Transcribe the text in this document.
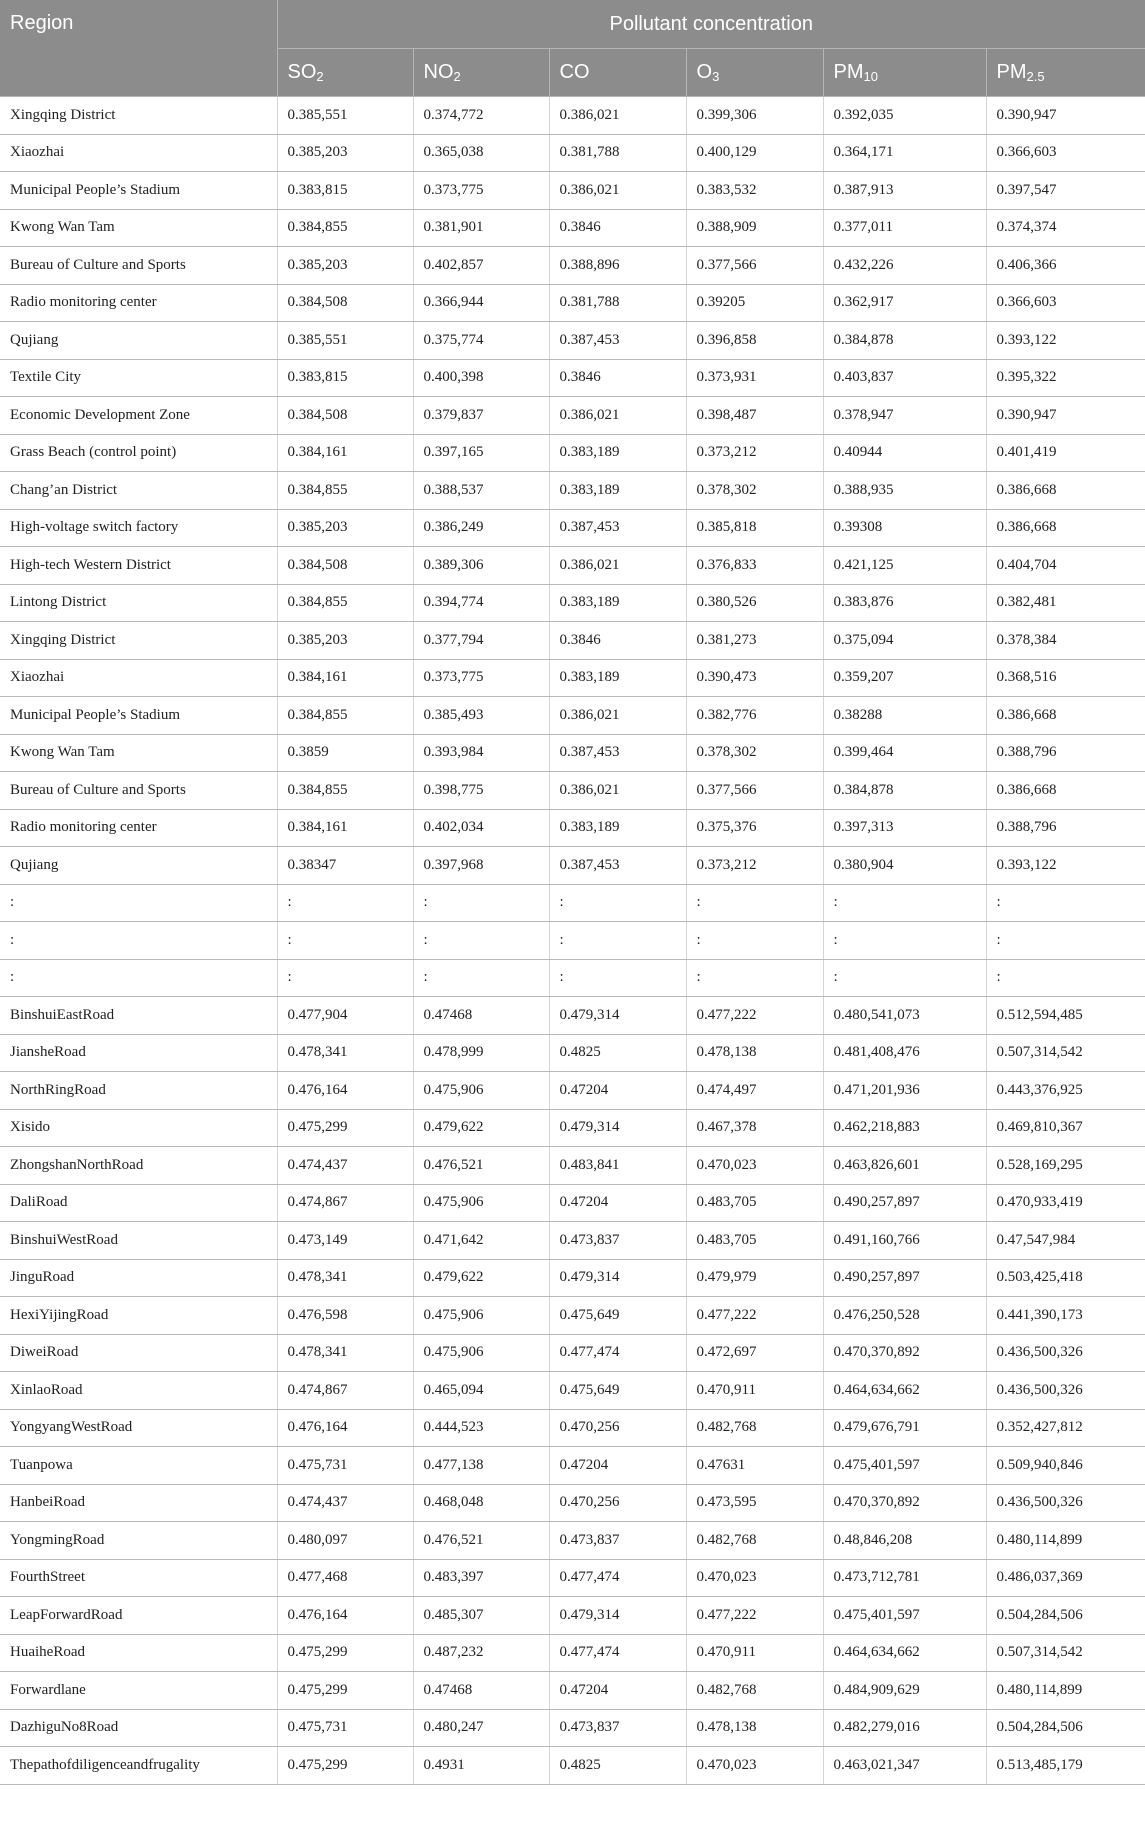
Region	Pollutant concentration					
	$SO_2$	$NO_2$	CO	$O_3$	$PM_{10}$	$PM_{2.5}$
Xingqing District	0.385,551	0.374,772	0.386,021	0.399,306	0.392,035	0.390,947
Xiaozhai	0.385,203	0.365,038	0.381,788	0.400,129	0.364,171	0.366,603
Municipal People’s Stadium	0.383,815	0.373,775	0.386,021	0.383,532	0.387,913	0.397,547
Kwong Wan Tam	0.384,855	0.381,901	0.3846	0.388,909	0.377,011	0.374,374
Bureau of Culture and Sports	0.385,203	0.402,857	0.388,896	0.377,566	0.432,226	0.406,366
Radio monitoring center	0.384,508	0.366,944	0.381,788	0.39205	0.362,917	0.366,603
Qujiang	0.385,551	0.375,774	0.387,453	0.396,858	0.384,878	0.393,122
Textile City	0.383,815	0.400,398	0.3846	0.373,931	0.403,837	0.395,322
Economic Development Zone	0.384,508	0.379,837	0.386,021	0.398,487	0.378,947	0.390,947
Grass Beach (control point)	0.384,161	0.397,165	0.383,189	0.373,212	0.40944	0.401,419
Chang’an District	0.384,855	0.388,537	0.383,189	0.378,302	0.388,935	0.386,668
High-voltage switch factory	0.385,203	0.386,249	0.387,453	0.385,818	0.39308	0.386,668
High-tech Western District	0.384,508	0.389,306	0.386,021	0.376,833	0.421,125	0.404,704
Lintong District	0.384,855	0.394,774	0.383,189	0.380,526	0.383,876	0.382,481
Xingqing District	0.385,203	0.377,794	0.3846	0.381,273	0.375,094	0.378,384
Xiaozhai	0.384,161	0.373,775	0.383,189	0.390,473	0.359,207	0.368,516
Municipal People’s Stadium	0.384,855	0.385,493	0.386,021	0.382,776	0.38288	0.386,668
Kwong Wan Tam	0.3859	0.393,984	0.387,453	0.378,302	0.399,464	0.388,796
Bureau of Culture and Sports	0.384,855	0.398,775	0.386,021	0.377,566	0.384,878	0.386,668
Radio monitoring center	0.384,161	0.402,034	0.383,189	0.375,376	0.397,313	0.388,796
Qujiang	0.38347	0.397,968	0.387,453	0.373,212	0.380,904	0.393,122
:	:	:	:	:	:	:
:	:	:	:	:	:	:
:	:	:	:	:	:	:
BinshuiEastRoad	0.477,904	0.47468	0.479,314	0.477,222	0.480,541,073	0.512,594,485
JiansheRoad	0.478,341	0.478,999	0.4825	0.478,138	0.481,408,476	0.507,314,542
NorthRingRoad	0.476,164	0.475,906	0.47204	0.474,497	0.471,201,936	0.443,376,925
Xisido	0.475,299	0.479,622	0.479,314	0.467,378	0.462,218,883	0.469,810,367
ZhongshanNorthRoad	0.474,437	0.476,521	0.483,841	0.470,023	0.463,826,601	0.528,169,295
DaliRoad	0.474,867	0.475,906	0.47204	0.483,705	0.490,257,897	0.470,933,419
BinshuiWestRoad	0.473,149	0.471,642	0.473,837	0.483,705	0.491,160,766	0.47,547,984
JinguRoad	0.478,341	0.479,622	0.479,314	0.479,979	0.490,257,897	0.503,425,418
HexiYijingRoad	0.476,598	0.475,906	0.475,649	0.477,222	0.476,250,528	0.441,390,173
DiweiRoad	0.478,341	0.475,906	0.477,474	0.472,697	0.470,370,892	0.436,500,326
XinlaoRoad	0.474,867	0.465,094	0.475,649	0.470,911	0.464,634,662	0.436,500,326
YongyangWestRoad	0.476,164	0.444,523	0.470,256	0.482,768	0.479,676,791	0.352,427,812
Tuanpowa	0.475,731	0.477,138	0.47204	0.47631	0.475,401,597	0.509,940,846
HanbeiRoad	0.474,437	0.468,048	0.470,256	0.473,595	0.470,370,892	0.436,500,326
YongmingRoad	0.480,097	0.476,521	0.473,837	0.482,768	0.48,846,208	0.480,114,899
FourthStreet	0.477,468	0.483,397	0.477,474	0.470,023	0.473,712,781	0.486,037,369
LeapForwardRoad	0.476,164	0.485,307	0.479,314	0.477,222	0.475,401,597	0.504,284,506
HuaiheRoad	0.475,299	0.487,232	0.477,474	0.470,911	0.464,634,662	0.507,314,542
Forwardlane	0.475,299	0.47468	0.47204	0.482,768	0.484,909,629	0.480,114,899
DazhiguNo8Road	0.475,731	0.480,247	0.473,837	0.478,138	0.482,279,016	0.504,284,506
Thepathofdiligenceandfrugality	0.475,299	0.4931	0.4825	0.470,023	0.463,021,347	0.513,485,179
